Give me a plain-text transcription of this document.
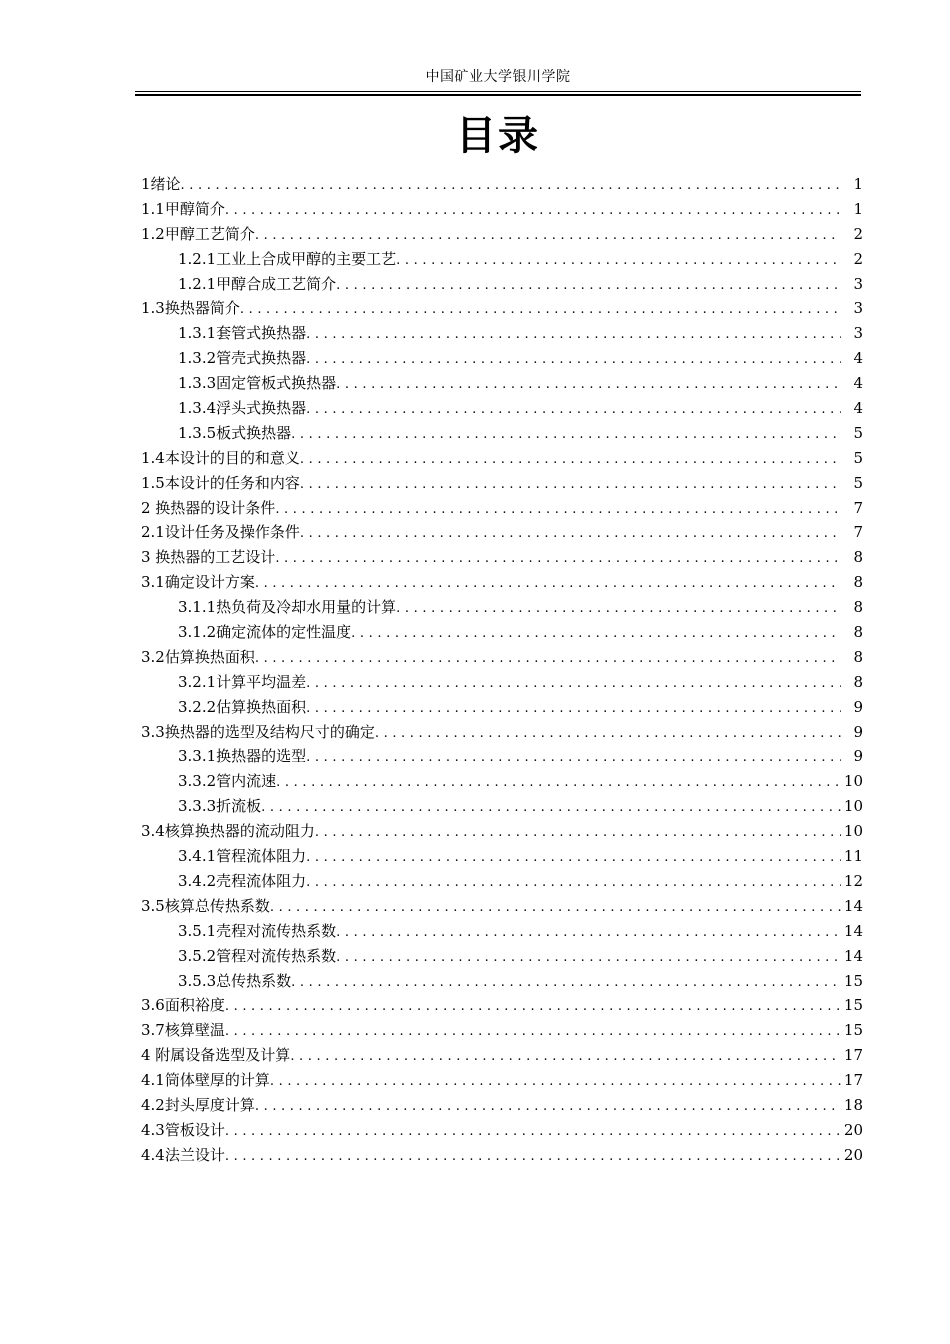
中国矿业大学银川学院
目录
1绪论 .....	1
1.1甲醇简介 .....	1
1.2甲醇工艺简介 .....	2
1.2.1工业上合成甲醇的主要工艺 .....	2
1.2.1甲醇合成工艺简介 .....	3
1.3换热器简介 .....	3
1.3.1套管式换热器 .....	3
1.3.2管壳式换热器 .....	4
1.3.3固定管板式换热器 .....	4
1.3.4浮头式换热器 .....	4
1.3.5板式换热器 .....	5
1.4本设计的目的和意义 .....	5
1.5本设计的任务和内容 .....	5
2 换热器的设计条件 .....	7
2.1设计任务及操作条件 .....	7
3 换热器的工艺设计 .....	8
3.1确定设计方案 .....	8
3.1.1热负荷及冷却水用量的计算 .....	8
3.1.2确定流体的定性温度 .....	8
3.2估算换热面积 .....	8
3.2.1计算平均温差 .....	8
3.2.2估算换热面积 .....	9
3.3换热器的选型及结构尺寸的确定 .....	9
3.3.1换热器的选型 .....	9
3.3.2管内流速 .....	10
3.3.3折流板 .....	10
3.4核算换热器的流动阻力 .....	10
3.4.1管程流体阻力 .....	11
3.4.2壳程流体阻力 .....	12
3.5核算总传热系数 .....	14
3.5.1壳程对流传热系数 .....	14
3.5.2管程对流传热系数 .....	14
3.5.3总传热系数 .....	15
3.6面积裕度 .....	15
3.7核算壁温 .....	15
4 附属设备选型及计算 .....	17
4.1筒体壁厚的计算 .....	17
4.2封头厚度计算 .....	18
4.3管板设计 .....	20
4.4法兰设计 .....	20
